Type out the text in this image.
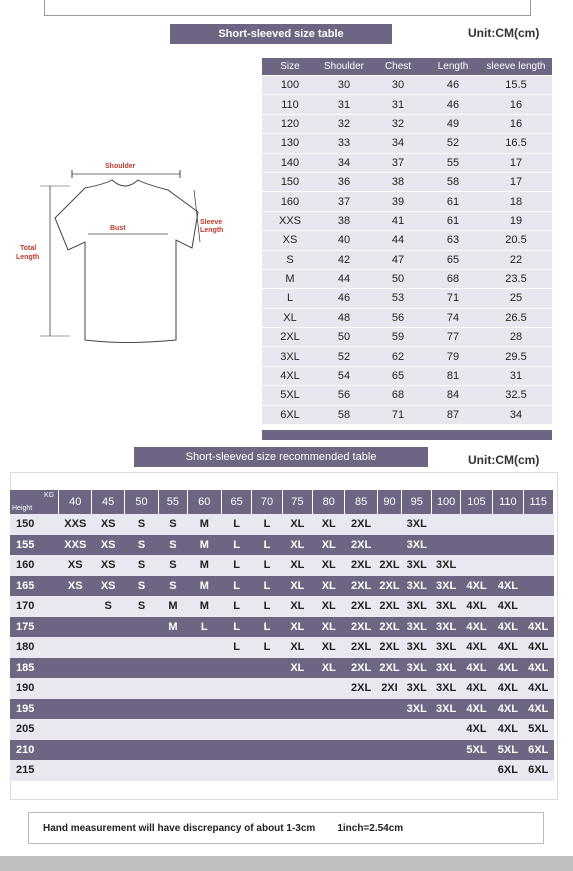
Short-sleeved size table	Unit:CM(cm)
Shoulder
Bust
Sleeve
Length
Total
Length
Size	Shoulder	Chest	Length	sleeve length
100	30	30	46	15.5
110	31	31	46	16
120	32	32	49	16
130	33	34	52	16.5
140	34	37	55	17
150	36	38	58	17
160	37	39	61	18
XXS	38	41	61	19
XS	40	44	63	20.5
S	42	47	65	22
M	44	50	68	23.5
L	46	53	71	25
XL	48	56	74	26.5
2XL	50	59	77	28
3XL	52	62	79	29.5
4XL	54	65	81	31
5XL	56	68	84	32.5
6XL	58	71	87	34
Short-sleeved size recommended table	Unit:CM(cm)
KG
Height	40	45	50	55	60	65	70	75	80	85	90	95	100	105	110	115
150	XXS	XS	S	S	M	L	L	XL	XL	2XL		3XL				
155	XXS	XS	S	S	M	L	L	XL	XL	2XL		3XL				
160	XS	XS	S	S	M	L	L	XL	XL	2XL	2XL	3XL	3XL			
165	XS	XS	S	S	M	L	L	XL	XL	2XL	2XL	3XL	3XL	4XL	4XL	
170		S	S	M	M	L	L	XL	XL	2XL	2XL	3XL	3XL	4XL	4XL	
175				M	L	L	L	XL	XL	2XL	2XL	3XL	3XL	4XL	4XL	4XL
180						L	L	XL	XL	2XL	2XL	3XL	3XL	4XL	4XL	4XL
185								XL	XL	2XL	2XL	3XL	3XL	4XL	4XL	4XL
190										2XL	2XI	3XL	3XL	4XL	4XL	4XL
195												3XL	3XL	4XL	4XL	4XL
205														4XL	4XL	5XL
210														5XL	5XL	6XL
215															6XL	6XL
Hand measurement will have discrepancy of about 1-3cm 1inch=2.54cm
